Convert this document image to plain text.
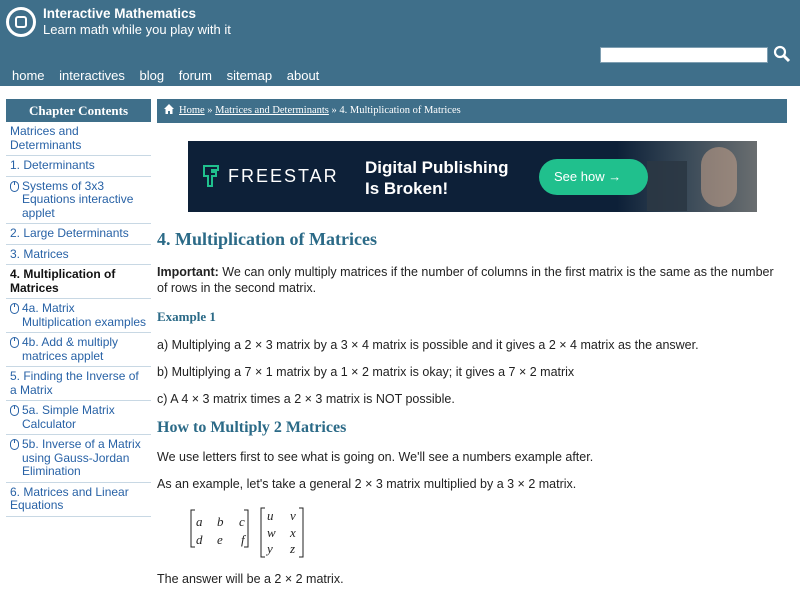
Interactive Mathematics
Learn math while you play with it
home interactives blog forum sitemap about
Chapter Contents
Matrices and Determinants
1. Determinants
Systems of 3x3 Equations interactive applet
2. Large Determinants
3. Matrices
4. Multiplication of Matrices
4a. Matrix Multiplication examples
4b. Add & multiply matrices applet
5. Finding the Inverse of a Matrix
5a. Simple Matrix Calculator
5b. Inverse of a Matrix using Gauss-Jordan Elimination
6. Matrices and Linear Equations
Home » Matrices and Determinants » 4. Multiplication of Matrices
FREESTAR Digital Publishing
Is Broken!
See how →
4. Multiplication of Matrices

Important: We can only multiply matrices if the number of columns in the first matrix is the same as the number of rows in the second matrix.

Example 1

a) Multiplying a 2 × 3 matrix by a 3 × 4 matrix is possible and it gives a 2 × 4 matrix as the answer.

b) Multiplying a 7 × 1 matrix by a 1 × 2 matrix is okay; it gives a 7 × 2 matrix

c) A 4 × 3 matrix times a 2 × 3 matrix is NOT possible.

How to Multiply 2 Matrices

We use letters first to see what is going on. We'll see a numbers example after.

As an example, let's take a general 2 × 3 matrix multiplied by a 3 × 2 matrix.

The answer will be a 2 × 2 matrix.

a b c
d e f
u v
w x
y z
